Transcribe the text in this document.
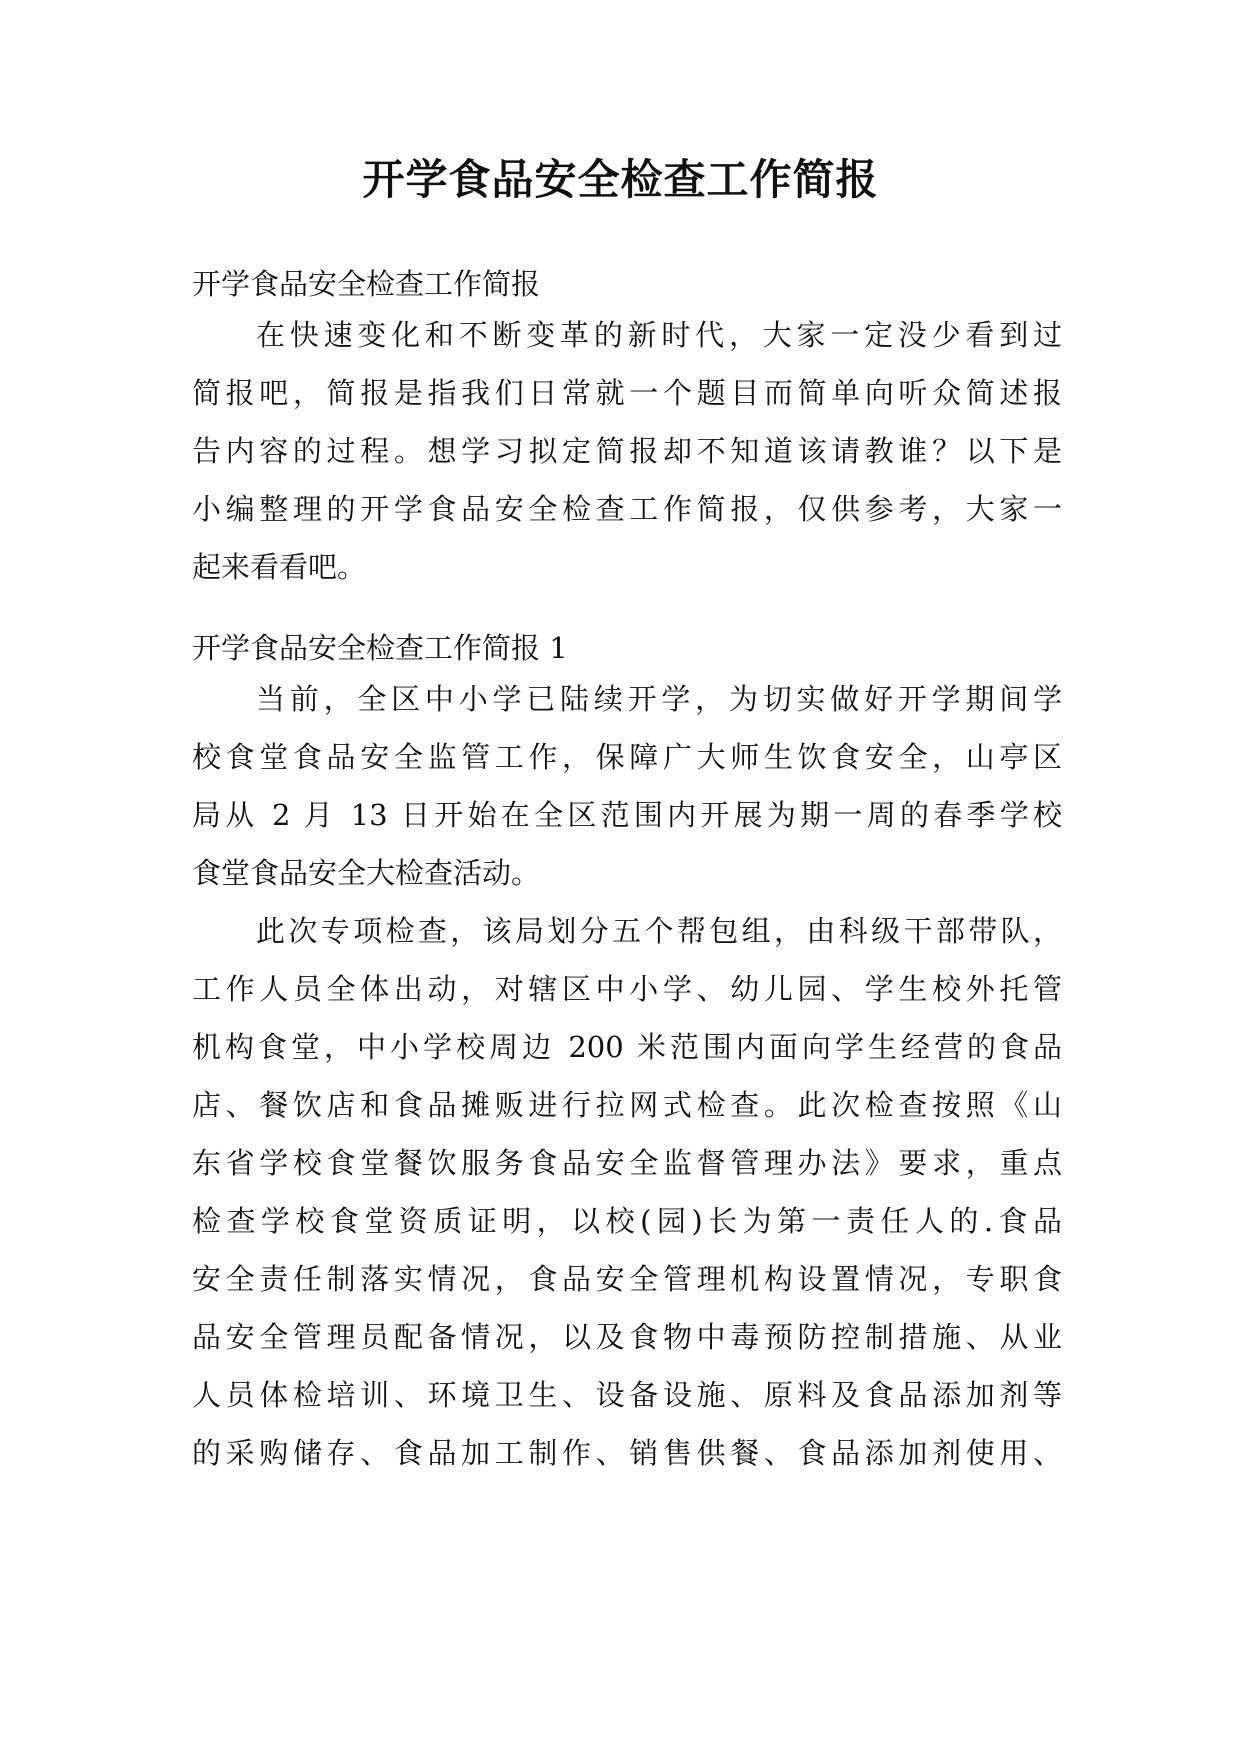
开学食品安全检查工作简报
开学食品安全检查工作简报
在快速变化和不断变革的新时代，大家一定没少看到过
简报吧，简报是指我们日常就一个题目而简单向听众简述报
告内容的过程。想学习拟定简报却不知道该请教谁？以下是
小编整理的开学食品安全检查工作简报，仅供参考，大家一
起来看看吧。
开学食品安全检查工作简报 1
当前，全区中小学已陆续开学，为切实做好开学期间学
校食堂食品安全监管工作，保障广大师生饮食安全，山亭区
局从 2 月 13 日开始在全区范围内开展为期一周的春季学校
食堂食品安全大检查活动。
此次专项检查，该局划分五个帮包组，由科级干部带队，
工作人员全体出动，对辖区中小学、幼儿园、学生校外托管
机构食堂，中小学校周边 200 米范围内面向学生经营的食品
店、餐饮店和食品摊贩进行拉网式检查。此次检查按照《山
东省学校食堂餐饮服务食品安全监督管理办法》要求，重点
检查学校食堂资质证明，以校(园)长为第一责任人的.食品
安全责任制落实情况，食品安全管理机构设置情况，专职食
品安全管理员配备情况，以及食物中毒预防控制措施、从业
人员体检培训、环境卫生、设备设施、原料及食品添加剂等
的采购储存、食品加工制作、销售供餐、食品添加剂使用、
